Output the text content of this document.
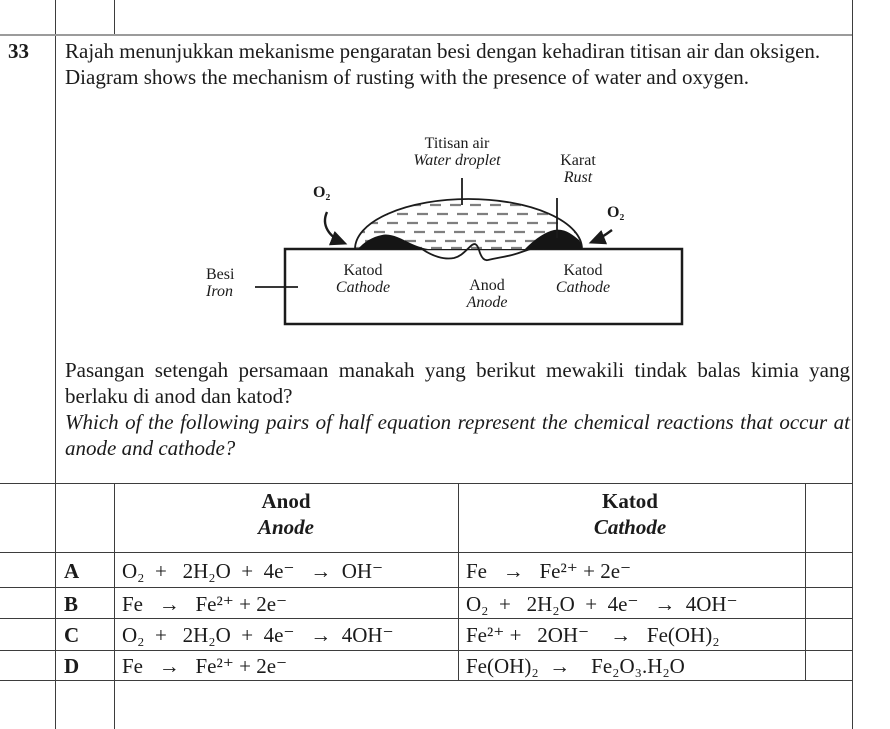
33 Rajah menunjukkan mekanisme pengaratan besi dengan kehadiran titisan air dan oksigen.

Diagram shows the mechanism of rusting with the presence of water and oxygen.

Titisan air
Water droplet	Karat
Rust
O₂
O₂
Besi
Iron
Katod
Cathode	Anod
Anode
Katod
Cathode

Pasangan setengah persamaan manakah yang berikut mewakili tindak balas kimia yang berlaku di anod dan katod?

Which of the following pairs of half equation represent the chemical reactions that occur at anode and cathode?

Anod
Anode
Katod
Cathode
A O₂  +   2H₂O  +  4e⁻   →  OH⁻	Fe   →   Fe²⁺ + 2e⁻
B Fe   →   Fe²⁺ + 2e⁻	O₂  +   2H₂O  +  4e⁻   →  4OH⁻
C O₂  +   2H₂O  +  4e⁻   →  4OH⁻	Fe²⁺ +   2OH⁻    →   Fe(OH)₂
D Fe   →   Fe²⁺ + 2e⁻	Fe(OH)₂  →    Fe₂O₃.H₂O
